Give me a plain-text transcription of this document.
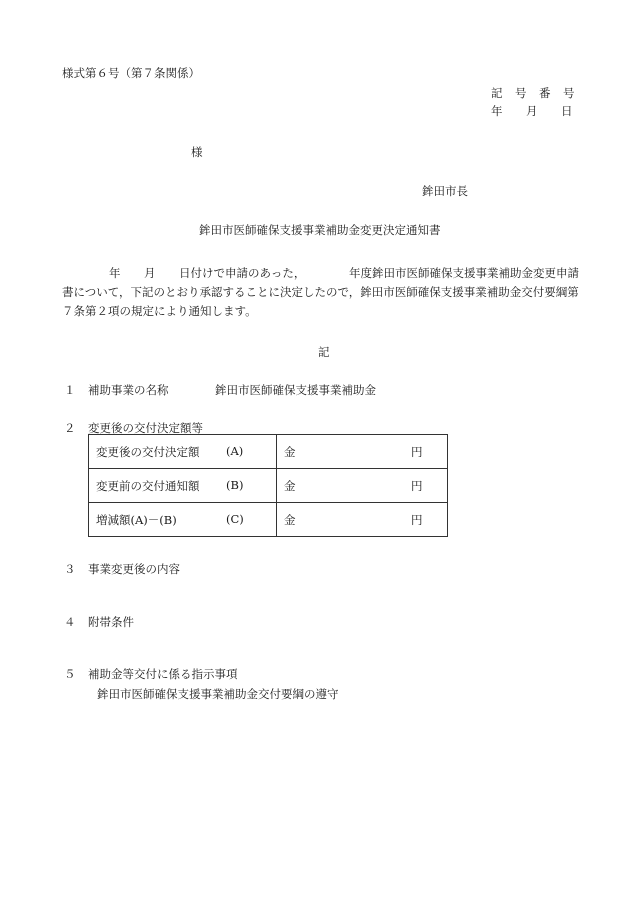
様式第６号（第７条関係）
記 号 番 号
年 月 日
様
鉾田市長
鉾田市医師確保支援事業補助金変更決定通知書
年 月 日付けで申請のあった，	年度鉾田市医師確保支援事業補助金変更申請
書について，下記のとおり承認することに決定したので，鉾田市医師確保支援事業補助金交付要綱第
７条第２項の規定により通知します。
記
１ 補助事業の名称	鉾田市医師確保支援事業補助金
２ 変更後の交付決定額等
変更後の交付決定額 (A)	金 円

変更前の交付通知額 (B)	金 円

増減額(A)－(B) (C)	金 円
３ 事業変更後の内容
４ 附帯条件
５ 補助金等交付に係る指示事項
鉾田市医師確保支援事業補助金交付要綱の遵守
